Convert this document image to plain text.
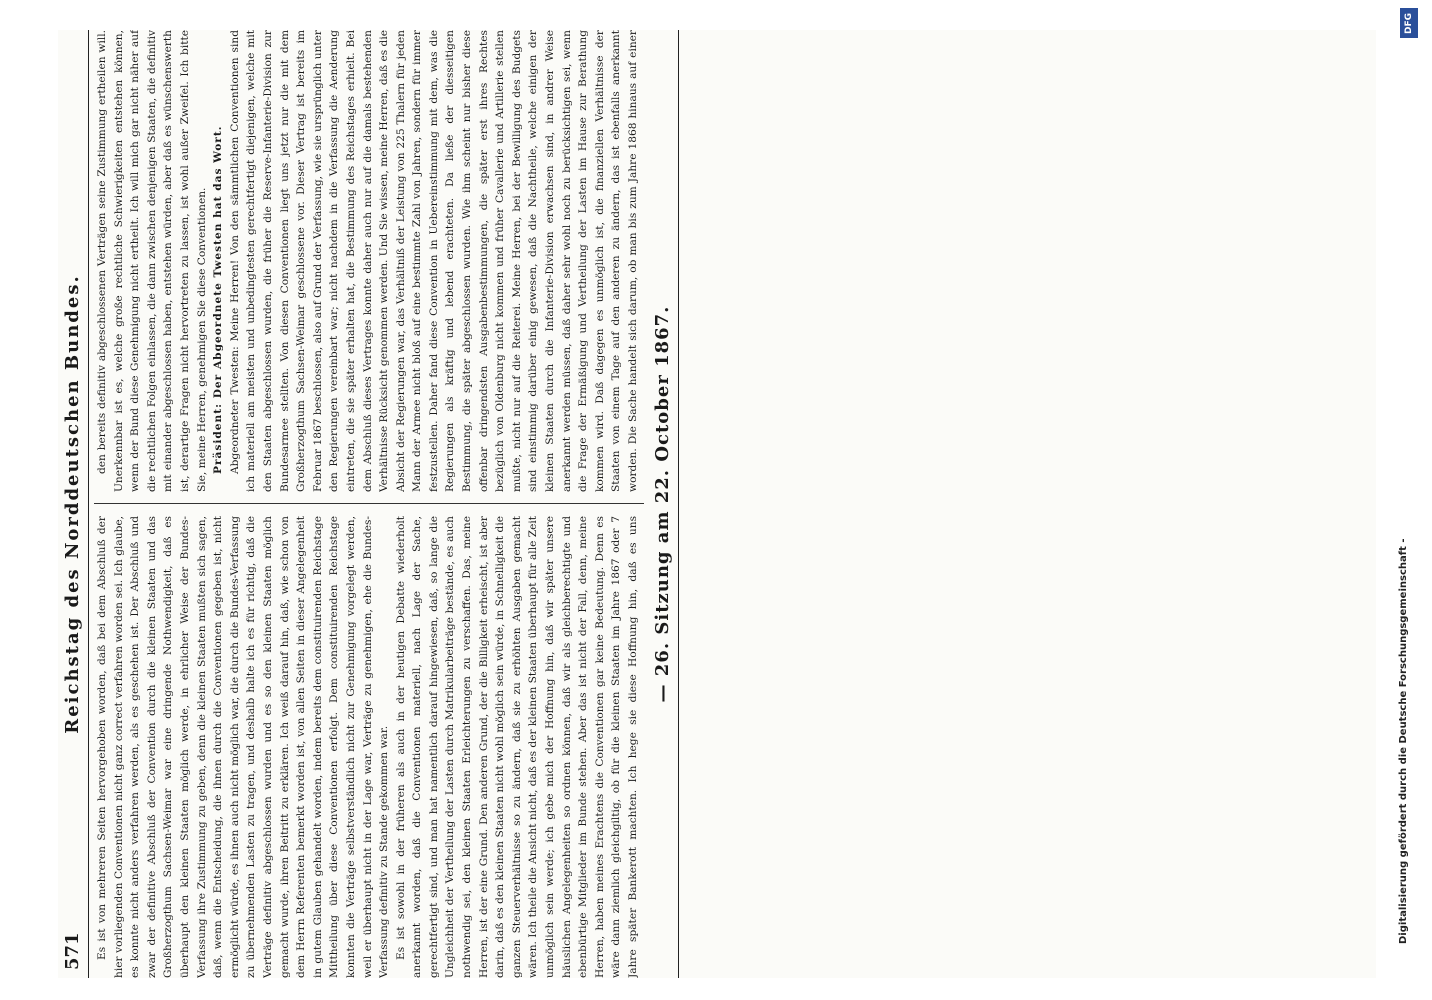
571
Reichstag des Norddeutschen Bundes.

Es ist von mehreren Seiten hervorgehoben worden, daß bei dem Abschluß der hier vorliegenden Conventionen nicht ganz correct verfahren worden sei. Ich glaube, es konnte nicht anders verfahren werden, als es geschehen ist. Der Abschluß und zwar der definitive Abschluß der Convention durch die kleinen Staaten und das Großherzogthum Sachsen-Weimar war eine dringende Nothwendigkeit, daß es überhaupt den kleinen Staaten möglich werde, in ehrlicher Weise der Bundes-Verfassung ihre Zustimmung zu geben, denn die kleinen Staaten mußten sich sagen, daß, wenn die Entscheidung, die ihnen durch die Conventionen gegeben ist, nicht ermöglicht würde, es ihnen auch nicht möglich war, die durch die Bundes-Verfassung zu übernehmenden Lasten zu tragen, und deshalb halte ich es für richtig, daß die Verträge definitiv abgeschlossen wurden und es so den kleinen Staaten möglich gemacht wurde, ihren Beitritt zu erklären. Ich weiß darauf hin, daß, wie schon von dem Herrn Referenten bemerkt worden ist, von allen Seiten in dieser Angelegenheit in gutem Glauben gehandelt worden, indem bereits dem constituirenden Reichstage Mittheilung über diese Conventionen erfolgt. Dem constituirenden Reichstage konnten die Verträge selbstverständlich nicht zur Genehmigung vorgelegt werden, weil er überhaupt nicht in der Lage war, Verträge zu genehmigen, ehe die Bundes-Verfassung definitiv zu Stande gekommen war. Es ist sowohl in der früheren als auch in der heutigen Debatte wiederholt anerkannt worden, daß die Conventionen materiell, nach Lage der Sache, gerechtfertigt sind, und man hat namentlich darauf hingewiesen, daß, so lange die Ungleichheit der Vertheilung der Lasten durch Matrikularbeiträge bestände, es auch nothwendig sei, den kleinen Staaten Erleichterungen zu verschaffen. Das, meine Herren, ist der eine Grund. Den anderen Grund, der die Billigkeit erheischt, ist aber darin, daß es den kleinen Staaten nicht wohl möglich sein würde, in Schnelligkeit die ganzen Steuerverhältnisse so zu ändern, daß sie zu erhöhten Ausgaben gemacht wären. Ich theile die Ansicht nicht, daß es der kleinen Staaten überhaupt für alle Zeit unmöglich sein werde; ich gebe mich der Hoffnung hin, daß wir später unsere häuslichen Angelegenheiten so ordnen können, daß wir als gleichberechtigte und ebenbürtige Mitglieder im Bunde stehen. Aber das ist nicht der Fall, denn, meine Herren, haben meines Erachtens die Conventionen gar keine Bedeutung. Denn es wäre dann ziemlich gleichgiltig, ob für die kleinen Staaten im Jahre 1867 oder 7 Jahre später Bankerott machten. Ich hege sie diese Hoffnung hin, daß es uns

den bereits definitiv abgeschlossenen Verträgen seine Zustimmung ertheilen will. Unerkennbar ist es, welche große rechtliche Schwierigkeiten entstehen können, wenn der Bund diese Genehmigung nicht ertheilt. Ich will mich gar nicht näher auf die rechtlichen Folgen einlassen, die dann zwischen denjenigen Staaten, die definitiv mit einander abgeschlossen haben, entstehen würden, aber daß es wünschenswerth ist, derartige Fragen nicht hervortreten zu lassen, ist wohl außer Zweifel. Ich bitte Sie, meine Herren, genehmigen Sie diese Conventionen. Präsident: Der Abgeordnete Twesten hat das Wort. Abgeordneter Twesten: Meine Herren! Von den sämmtlichen Conventionen sind ich materiell am meisten und unbedingtesten gerechtfertigt diejenigen, welche mit den Staaten abgeschlossen wurden, die früher die Reserve-Infanterie-Division zur Bundesarmee stellten. Von diesen Conventionen liegt uns jetzt nur die mit dem Großherzogthum Sachsen-Weimar geschlossene vor. Dieser Vertrag ist bereits im Februar 1867 beschlossen, also auf Grund der Verfassung, wie sie ursprünglich unter den Regierungen vereinbart war; nicht nachdem in die Verfassung die Aenderung eintreten, die sie später erhalten hat, die Bestimmung des Reichstages erhielt. Bei dem Abschluß dieses Vertrages konnte daher auch nur auf die damals bestehenden Verhältnisse Rücksicht genommen werden. Und Sie wissen, meine Herren, daß es die Absicht der Regierungen war, das Verhältniß der Leistung von 225 Thalern für jeden Mann der Armee nicht bloß auf eine bestimmte Zahl von Jahren, sondern für immer festzustellen. Daher fand diese Convention in Uebereinstimmung mit dem, was die Regierungen als kräftig und lebend erachteten. Da ließe der diesseitigen Bestimmung, die später abgeschlossen wurden. Wie ihm scheint nur bisher diese offenbar dringendsten Ausgabenbestimmungen, die später erst ihres Rechtes bezüglich von Oldenburg nicht kommen und früher Cavallerie und Artillerie stellen mußte, nicht nur auf die Reiterei. Meine Herren, bei der Bewilligung des Budgets sind einstimmig darüber einig gewesen, daß die Nachtheile, welche einigen der kleinen Staaten durch die Infanterie-Division erwachsen sind, in andrer Weise anerkannt werden müssen, daß daher sehr wohl noch zu berücksichtigen sei, wenn die Frage der Ermäßigung und Vertheilung der Lasten im Hause zur Berathung kommen wird. Daß dagegen es unmöglich ist, die finanziellen Verhältnisse der Staaten von einem Tage auf den anderen zu ändern, das ist ebenfalls anerkannt worden. Die Sache handelt sich darum, ob man bis zum Jahre 1868 hinaus auf einer

— 26. Sitzung am 22. October 1867.
DFG
Digitalisierung gefördert durch die Deutsche Forschungsgemeinschaft -
